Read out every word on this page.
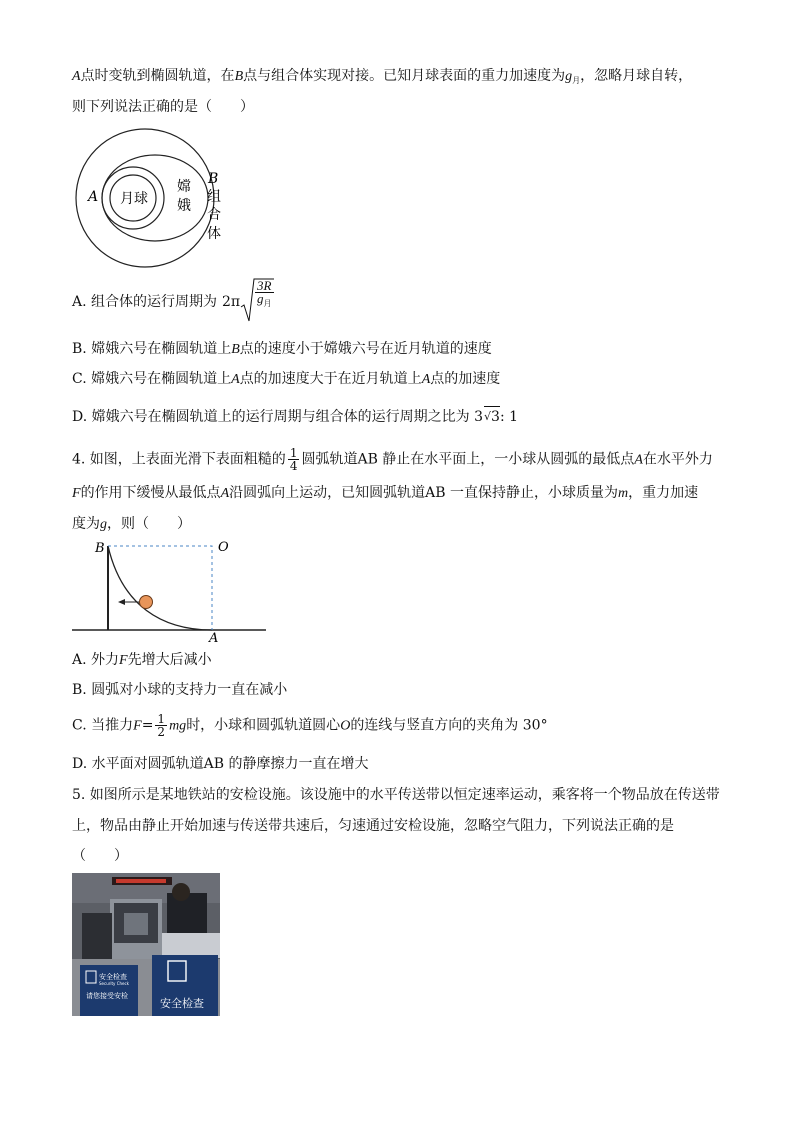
A点时变轨到椭圆轨道，在B点与组合体实现对接。已知月球表面的重力加速度为$g_月$，忽略月球自转，
则下列说法正确的是（　　）
月球
A
B
嫦
娥
组
合
体
A. 组合体的运行周期为 2π
3R
$g_月$
B. 嫦娥六号在椭圆轨道上B点的速度小于嫦娥六号在近月轨道的速度
C. 嫦娥六号在椭圆轨道上A点的加速度大于在近月轨道上A点的加速度
D. 嫦娥六号在椭圆轨道上的运行周期与组合体的运行周期之比为 3√3: 1
4. 如图，上表面光滑下表面粗糙的 $\frac{1}{4}$ 圆弧轨道AB 静止在水平面上，一小球从圆弧的最低点A在水平外力
F的作用下缓慢从最低点A沿圆弧向上运动，已知圆弧轨道AB 一直保持静止，小球质量为m，重力加速
度为g，则（　　）
B	O
A
A. 外力F先增大后减小
B. 圆弧对小球的支持力一直在减小
C. 当推力$F= \frac{1}{2}$ mg时，小球和圆弧轨道圆心O的连线与竖直方向的夹角为 30°
D. 水平面对圆弧轨道AB 的静摩擦力一直在增大
5. 如图所示是某地铁站的安检设施。该设施中的水平传送带以恒定速率运动，乘客将一个物品放在传送带
上，物品由静止开始加速与传送带共速后，匀速通过安检设施，忽略空气阻力，下列说法正确的是
（　　）
安全检查
Security Check
请您接受安检
安全检查
